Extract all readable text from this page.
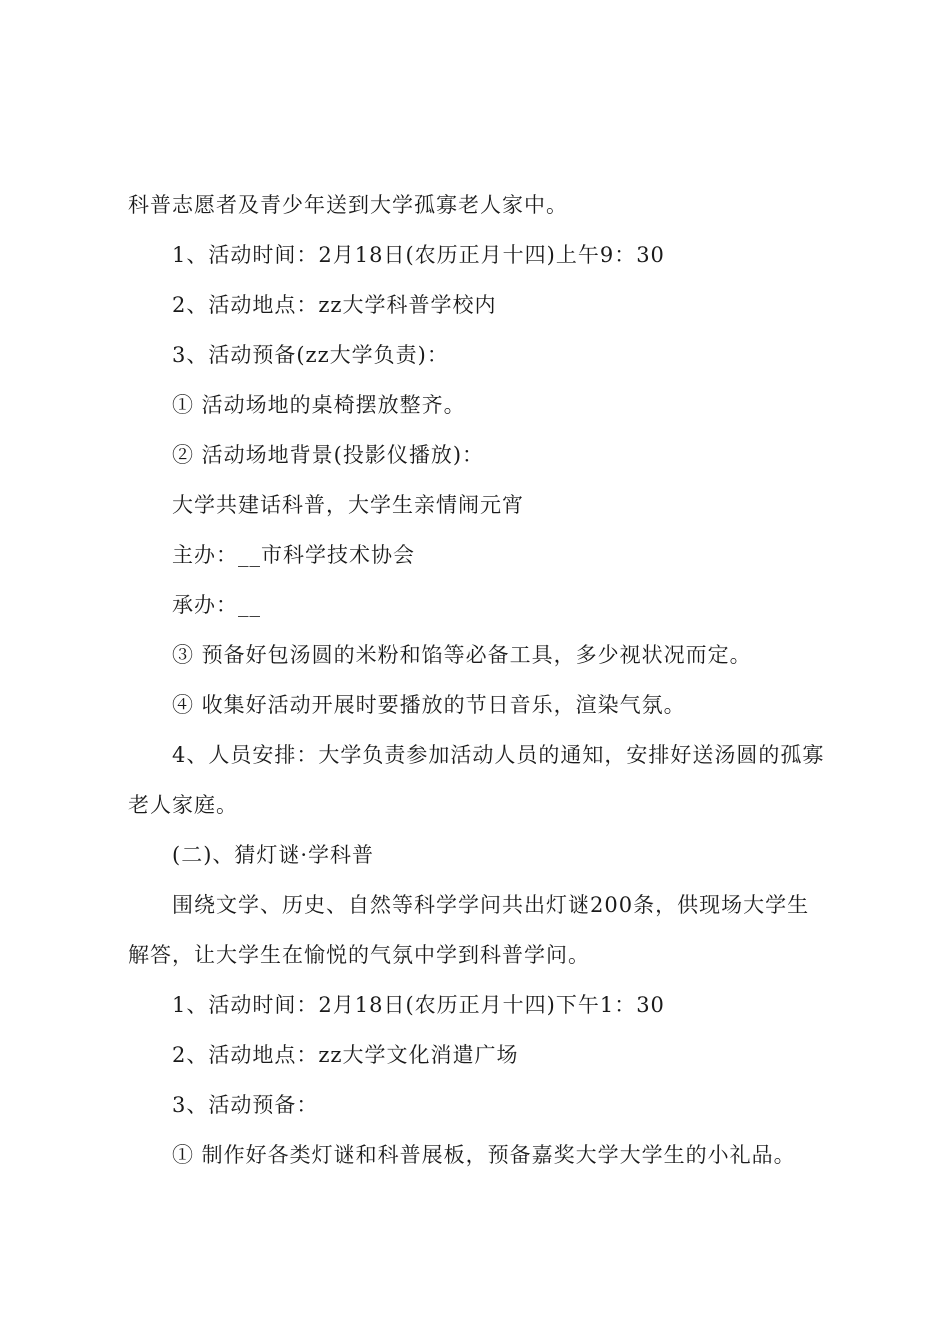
科普志愿者及青少年送到大学孤寡老人家中。
1、活动时间：2月18日(农历正月十四)上午9：30
2、活动地点：zz大学科普学校内
3、活动预备(zz大学负责)：
① 活动场地的桌椅摆放整齐。
② 活动场地背景(投影仪播放)：
大学共建话科普，大学生亲情闹元宵
主办：__市科学技术协会
承办：__
③ 预备好包汤圆的米粉和馅等必备工具，多少视状况而定。
④ 收集好活动开展时要播放的节日音乐，渲染气氛。
4、人员安排：大学负责参加活动人员的通知，安排好送汤圆的孤寡
老人家庭。
(二)、猜灯谜·学科普
围绕文学、历史、自然等科学学问共出灯谜200条，供现场大学生
解答，让大学生在愉悦的气氛中学到科普学问。
1、活动时间：2月18日(农历正月十四)下午1：30
2、活动地点：zz大学文化消遣广场
3、活动预备：
① 制作好各类灯谜和科普展板，预备嘉奖大学大学生的小礼品。
